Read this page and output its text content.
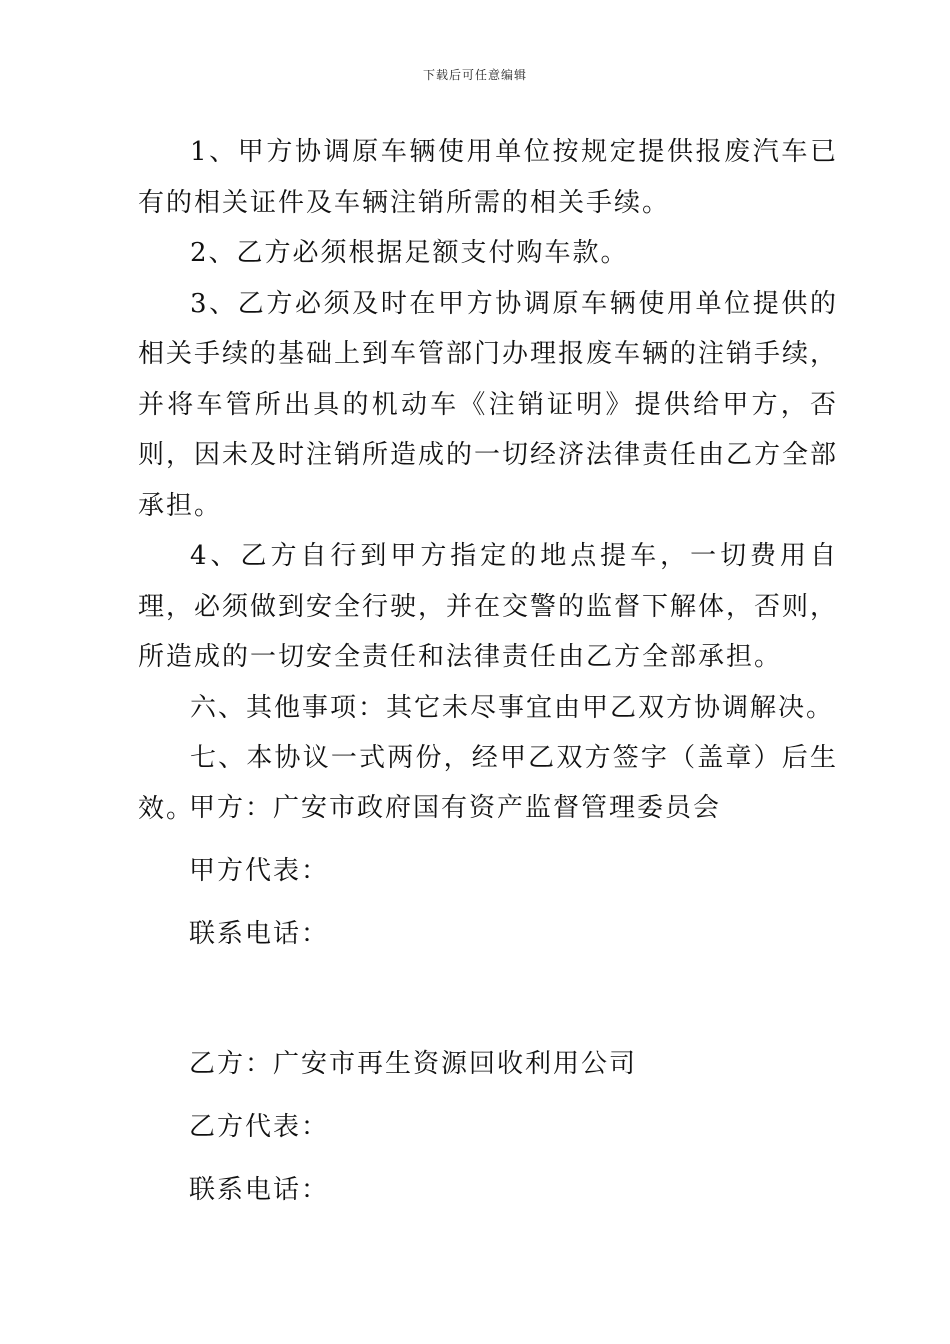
下载后可任意编辑

1、甲方协调原车辆使用单位按规定提供报废汽车已有的相关证件及车辆注销所需的相关手续。

2、乙方必须根据足额支付购车款。

3、乙方必须及时在甲方协调原车辆使用单位提供的相关手续的基础上到车管部门办理报废车辆的注销手续，并将车管所出具的机动车《注销证明》提供给甲方，否则，因未及时注销所造成的一切经济法律责任由乙方全部承担。

4、乙方自行到甲方指定的地点提车，一切费用自理，必须做到安全行驶，并在交警的监督下解体，否则，所造成的一切安全责任和法律责任由乙方全部承担。

六、其他事项：其它未尽事宜由甲乙双方协调解决。

七、本协议一式两份，经甲乙双方签字（盖章）后生效。

甲方：广安市政府国有资产监督管理委员会
甲方代表：
联系电话：
乙方：广安市再生资源回收利用公司
乙方代表：
联系电话：
